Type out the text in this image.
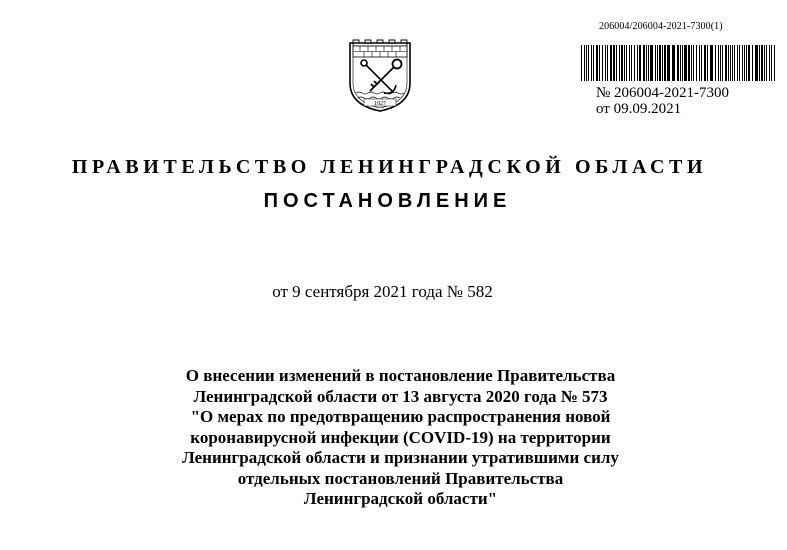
206004/206004-2021-7300(1)
№ 206004-2021-7300
от 09.09.2021
1927
ПРАВИТЕЛЬСТВО ЛЕНИНГРАДСКОЙ ОБЛАСТИ
ПОСТАНОВЛЕНИЕ
от 9 сентября 2021 года № 582
О внесении изменений в постановление Правительства
Ленинградской области от 13 августа 2020 года № 573
"О мерах по предотвращению распространения новой
коронавирусной инфекции (COVID-19) на территории
Ленинградской области и признании утратившими силу
отдельных постановлений Правительства
Ленинградской области"
